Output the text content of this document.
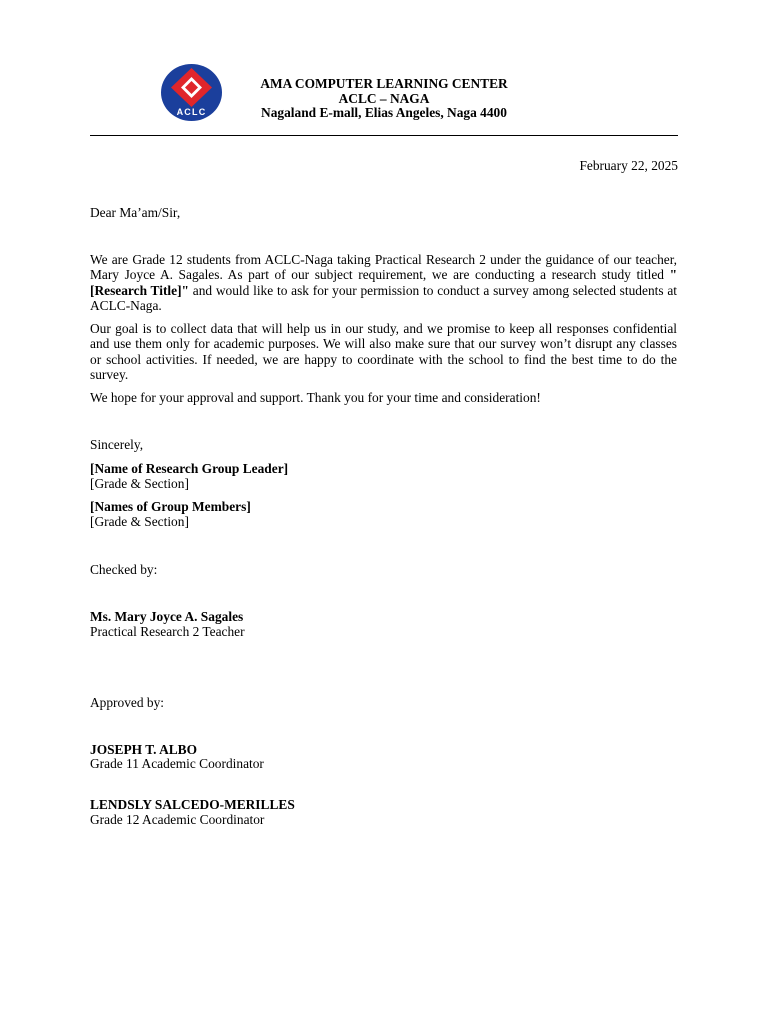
ACLC
AMA COMPUTER LEARNING CENTER
ACLC – NAGA
Nagaland E-mall, Elias Angeles, Naga 4400
February 22, 2025
Dear Ma’am/Sir,
We are Grade 12 students from ACLC-Naga taking Practical Research 2 under the guidance of our teacher, Mary Joyce A. Sagales. As part of our subject requirement, we are conducting a research study titled "[Research Title]" and would like to ask for your permission to conduct a survey among selected students at ACLC-Naga.
Our goal is to collect data that will help us in our study, and we promise to keep all responses confidential and use them only for academic purposes. We will also make sure that our survey won’t disrupt any classes or school activities. If needed, we are happy to coordinate with the school to find the best time to do the survey.
We hope for your approval and support. Thank you for your time and consideration!
Sincerely,
[Name of Research Group Leader]
[Grade & Section]
[Names of Group Members]
[Grade & Section]
Checked by:
Ms. Mary Joyce A. Sagales
Practical Research 2 Teacher
Approved by:
JOSEPH T. ALBO
Grade 11 Academic Coordinator
LENDSLY SALCEDO-MERILLES
Grade 12 Academic Coordinator
